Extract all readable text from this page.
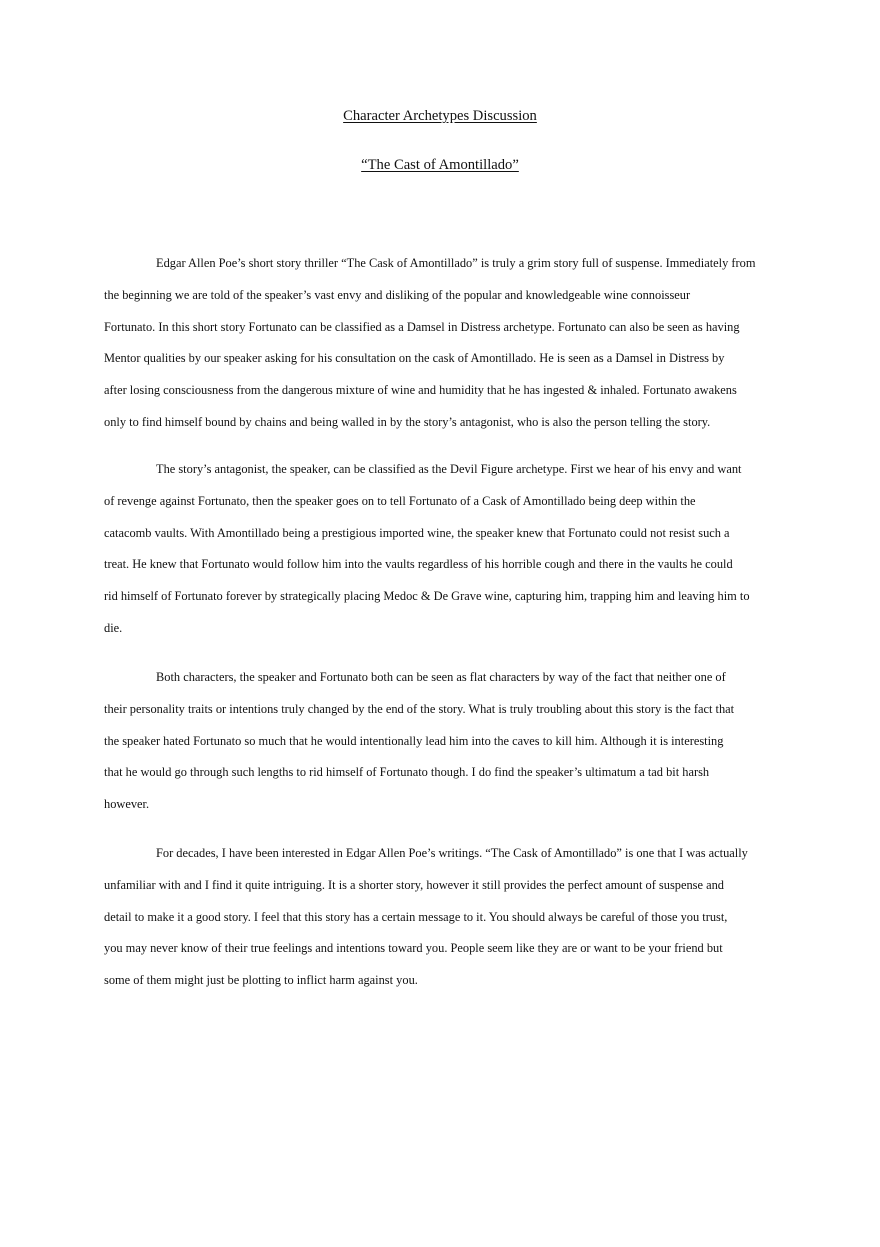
Character Archetypes Discussion
“The Cast of Amontillado”
Edgar Allen Poe’s short story thriller “The Cask of Amontillado” is truly a grim story full of suspense. Immediately from
the beginning we are told of the speaker’s vast envy and disliking of the popular and knowledgeable wine connoisseur
Fortunato. In this short story Fortunato can be classified as a Damsel in Distress archetype. Fortunato can also be seen as having
Mentor qualities by our speaker asking for his consultation on the cask of Amontillado. He is seen as a Damsel in Distress by
after losing consciousness from the dangerous mixture of wine and humidity that he has ingested & inhaled. Fortunato awakens
only to find himself bound by chains and being walled in by the story’s antagonist, who is also the person telling the story.
The story’s antagonist, the speaker, can be classified as the Devil Figure archetype. First we hear of his envy and want
of revenge against Fortunato, then the speaker goes on to tell Fortunato of a Cask of Amontillado being deep within the
catacomb vaults. With Amontillado being a prestigious imported wine, the speaker knew that Fortunato could not resist such a
treat. He knew that Fortunato would follow him into the vaults regardless of his horrible cough and there in the vaults he could
rid himself of Fortunato forever by strategically placing Medoc & De Grave wine, capturing him, trapping him and leaving him to
die.
Both characters, the speaker and Fortunato both can be seen as flat characters by way of the fact that neither one of
their personality traits or intentions truly changed by the end of the story. What is truly troubling about this story is the fact that
the speaker hated Fortunato so much that he would intentionally lead him into the caves to kill him. Although it is interesting
that he would go through such lengths to rid himself of Fortunato though. I do find the speaker’s ultimatum a tad bit harsh
however.
For decades, I have been interested in Edgar Allen Poe’s writings. “The Cask of Amontillado” is one that I was actually
unfamiliar with and I find it quite intriguing. It is a shorter story, however it still provides the perfect amount of suspense and
detail to make it a good story. I feel that this story has a certain message to it. You should always be careful of those you trust,
you may never know of their true feelings and intentions toward you. People seem like they are or want to be your friend but
some of them might just be plotting to inflict harm against you.
